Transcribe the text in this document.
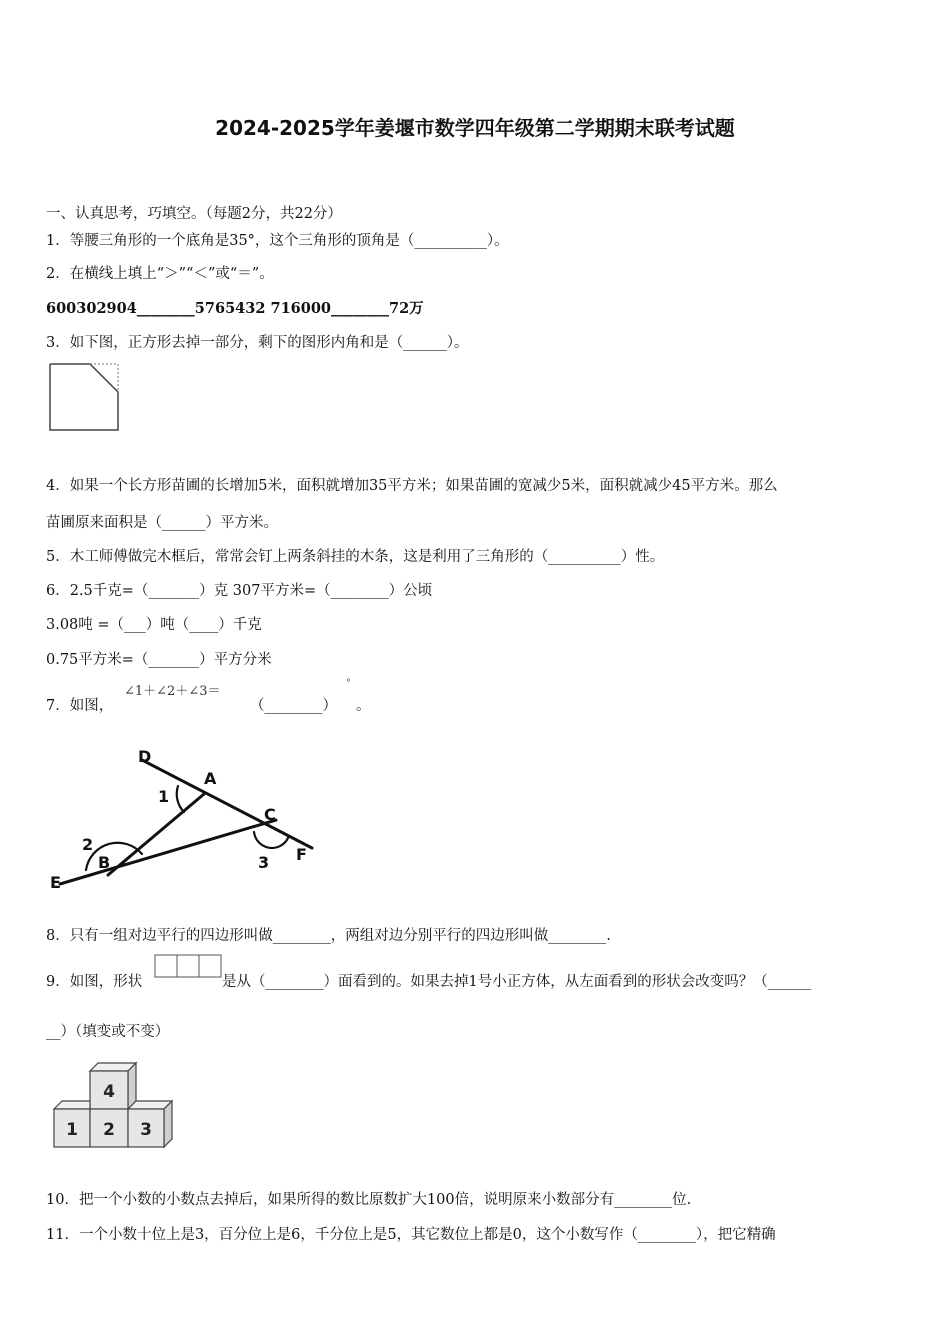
2024-2025学年姜堰市数学四年级第二学期期末联考试题
一、认真思考，巧填空。（每题2分，共22分）
1．等腰三角形的一个底角是35°，这个三角形的顶角是（__________）。
2．在横线上填上“＞”“＜”或“＝”。
600302904________5765432 716000________72万
3．如下图，正方形去掉一部分，剩下的图形内角和是（______）。
4．如果一个长方形苗圃的长增加5米，面积就增加35平方米；如果苗圃的宽减少5米，面积就减少45平方米。那么
苗圃原来面积是（______）平方米。
5．木工师傅做完木框后，常常会钉上两条斜挂的木条，这是利用了三角形的（__________）性。
6．2.5千克=（_______）克 307平方米=（________）公顷
3.08吨 =（___）吨（____）千克
0.75平方米=（_______）平方分米
7．如图，
∠1＋∠2＋∠3＝
（________）
°
。
D
A
C
F
E
B
1
2
3
8．只有一组对边平行的四边形叫做________，两组对边分别平行的四边形叫做________.
9．如图，形状	是从（________）面看到的。如果去掉1号小正方体，从左面看到的形状会改变吗？（______
__）（填变或不变）
4
1 2 3
10．把一个小数的小数点去掉后，如果所得的数比原数扩大100倍，说明原来小数部分有________位.
11．一个小数十位上是3，百分位上是6，千分位上是5，其它数位上都是0，这个小数写作（________），把它精确
